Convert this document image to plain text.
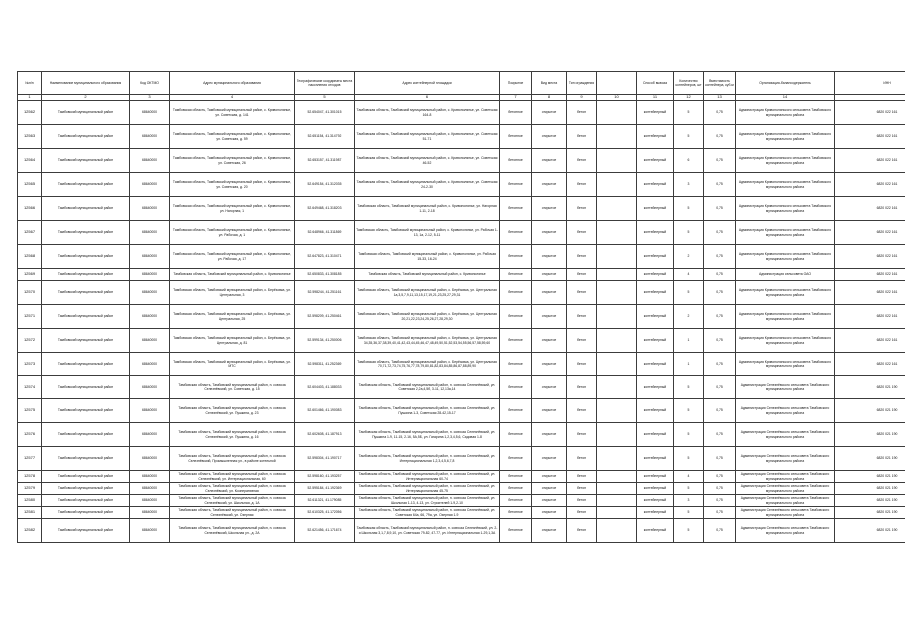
№п/п	Наименование муниципального образования	Код ОКТМО	Адрес муниципального образования	Географические координаты места накопления отходов	Адрес контейнерной площадки	Покрытие	Вид места	Тип ограждения		Способ вывоза	Количество контейнеров, шт	Вместимость контейнера, куб.м	Организация-балансодержатель	ИНН
1	2	3	4	5	6	7	8	9	10	11	12	13	14	
12562	Тамбовский муниципальный район	68640000	Тамбовская область, Тамбовский муниципальный район, с. Кривополянье, ул. Советская, д. 141	52.654047, 41.301015	Тамбовская область, Тамбовский муниципальный район, с. Кривополянье, ул. Советская 164-8	бетонное	открытое	бетон		контейнерный	5	0,75	Администрация Кривополянского сельсовета Тамбовского муниципального района	6820 022 161
12563	Тамбовский муниципальный район	68640000	Тамбовская область, Тамбовский муниципальный район, с. Кривополянье, ул. Советская, д. 59	52.651154, 41.314792	Тамбовская область, Тамбовский муниципальный район, с. Кривополянье, ул. Советская 51-71	бетонное	открытое	бетон		контейнерный	5	0,75	Администрация Кривополянского сельсовета Тамбовского муниципального района	6820 022 161
12564	Тамбовский муниципальный район	68640000	Тамбовская область, Тамбовский муниципальный район, с. Кривополянье, ул. Советская, 26	52.653157, 41.311987	Тамбовская область, Тамбовский муниципальный район, с. Кривополянье, ул. Советская 46-52	бетонное	открытое	бетон		контейнерный	6	0,75	Администрация Кривополянского сельсовета Тамбовского муниципального района	6820 022 161
12565	Тамбовский муниципальный район	68640000	Тамбовская область, Тамбовский муниципальный район, с. Кривополянье, ул. Советская, д. 20	52.649154, 41.312035	Тамбовская область, Тамбовский муниципальный район, с. Кривополянье, ул. Советская 24-2-30	бетонное	открытое	бетон		контейнерный	3	0,75	Администрация Кривополянского сельсовета Тамбовского муниципального района	6820 022 161
12566	Тамбовский муниципальный район	68640000	Тамбовская область, Тамбовский муниципальный район, с. Кривополянье, ул. Нагорная, 1	52.649468, 41.318203	Тамбовская область, Тамбовский муниципальный район, с. Кривополянье, ул. Нагорная 1-11, 2-18	бетонное	открытое	бетон		контейнерный	5	0,75	Администрация Кривополянского сельсовета Тамбовского муниципального района	6820 022 161
12567	Тамбовский муниципальный район	68640000	Тамбовская область, Тамбовский муниципальный район, с. Кривополянье, ул. Рабочая, д. 1	52.648966, 41.311869	Тамбовская область, Тамбовский муниципальный район, с. Кривополянье, ул. Рабочая 1-13, 1а, 2-12, 5-11	бетонное	открытое	бетон		контейнерный	5	0,75	Администрация Кривополянского сельсовета Тамбовского муниципального района	6820 022 161
12568	Тамбовский муниципальный район	68640000	Тамбовская область, Тамбовский муниципальный район, с. Кривополянье, ул. Рабочая, д. 17	52.647823, 41.310471	Тамбовская область, Тамбовский муниципальный район, с. Кривополянье, ул. Рабочая 15-33, 16-24	бетонное	открытое	бетон		контейнерный	2	0,75	Администрация Кривополянского сельсовета Тамбовского муниципального района	6820 022 161
12569	Тамбовский муниципальный район	68640000	Тамбовская область, Тамбовский муниципальный район, с. Кривополянье	52.650833, 41.308185	Тамбовская область, Тамбовский муниципальный район, с. Кривополянье	бетонное	открытое	бетон		контейнерный	4	0,75	Администрация сельсовета ОАО	6820 022 161
12570	Тамбовский муниципальный район	68640000	Тамбовская область, Тамбовский муниципальный район, с. Берёзовка, ул. Центральная, 3	52.598244, 41.251161	Тамбовская область, Тамбовский муниципальный район, с. Берёзовка, ул. Центральная 1а,3,5,7,9,11,13,15,17,19,21,23,25,27,29,31	бетонное	открытое	бетон		контейнерный	5	0,75	Администрация Кривополянского сельсовета Тамбовского муниципального района	6820 022 161
12571	Тамбовский муниципальный район	68640000	Тамбовская область, Тамбовский муниципальный район, с. Берёзовка, ул. Центральная, 25	52.598209, 41.250461	Тамбовская область, Тамбовский муниципальный район, с. Берёзовка, ул. Центральная 20,21,22,23,24,25,26,27,28,29,30	бетонное	открытое	бетон		контейнерный	2	0,75	Администрация Кривополянского сельсовета Тамбовского муниципального района	6820 022 161
12572	Тамбовский муниципальный район	68640000	Тамбовская область, Тамбовский муниципальный район, с. Берёзовка, ул. Центральная, д. 81	52.599134, 41.250006	Тамбовская область, Тамбовский муниципальный район, с. Берёзовка, ул. Центральная 34,35,36,37,38,39,40,41,42,43,44,45,46,47,48,49,50,51,52,53,54,55,56,57,58,59,60	бетонное	открытое	бетон		контейнерный	1	0,75	Администрация Кривополянского сельсовета Тамбовского муниципального района	6820 022 161
12573	Тамбовский муниципальный район	68640000	Тамбовская область, Тамбовский муниципальный район, с. Берёзовка, ул. МТС	52.598311, 41.252369	Тамбовская область, Тамбовский муниципальный район, с. Берёзовка, ул. Центральная 70,71,72,73,74,75,76,77,78,79,80,81,82,83,84,85,86,87,88,89,90	бетонное	открытое	бетон		контейнерный	1	0,75	Администрация Кривополянского сельсовета Тамбовского муниципального района	6820 022 161
12574	Тамбовский муниципальный район	68640000	Тамбовская область, Тамбовский муниципальный район, п. совхоза Селезнёвский, ул. Советская, д. 15	52.604403, 41.188033	Тамбовская область, Тамбовский муниципальный район, п. совхоза Селезнёвский, ул. Советская 2,2а,4,5б, 3-11, 12,13а,14	бетонное	открытое	бетон		контейнерный	5	0,75	Администрация Селезнёвского сельсовета Тамбовского муниципального района	6820 021 190
12575	Тамбовский муниципальный район	68640000	Тамбовская область, Тамбовский муниципальный район, п. совхоза Селезнёвский, ул. Пушкина, д. 23	52.601466, 41.190083	Тамбовская область, Тамбовский муниципальный район, п. совхоза Селезнёвский, ул. Пушкина 1-3, Советская 28-42,15-17	бетонное	открытое	бетон		контейнерный	5	0,75	Администрация Селезнёвского сельсовета Тамбовского муниципального района	6820 021 190
12576	Тамбовский муниципальный район	68640000	Тамбовская область, Тамбовский муниципальный район, п. совхоза Селезнёвский, ул. Пушкина, д. 16	52.602608, 41.187913	Тамбовская область, Тамбовский муниципальный район, п. совхоза Селезнёвский, ул. Пушкина 1-9, 11-15, 2-16, 5А,5Б, ул. Гагарина 1,2,3,4,5,6, Садовая 1-8	бетонное	открытое	бетон		контейнерный	5	0,75	Администрация Селезнёвского сельсовета Тамбовского муниципального района	6820 021 190
12577	Тамбовский муниципальный район	68640000	Тамбовская область, Тамбовский муниципальный район, п. совхоза Селезнёвский, Промышленная ул., в районе котельной	52.598304, 41.190717	Тамбовская область, Тамбовский муниципальный район, п. совхоза Селезнёвский, ул. Интернациональная 1,2,3,4,5,6,7,8	бетонное	открытое	бетон		контейнерный	5	0,75	Администрация Селезнёвского сельсовета Тамбовского муниципального района	6820 021 190
12578	Тамбовский муниципальный район	68640000	Тамбовская область, Тамбовский муниципальный район, п. совхоза Селезнёвский, ул. Интернациональная, 60	52.598160, 41.193257	Тамбовская область, Тамбовский муниципальный район, п. совхоза Селезнёвский, ул. Интернациональная 60-74	бетонное	открытое	бетон		контейнерный	4	0,75	Администрация Селезнёвского сельсовета Тамбовского муниципального района	6820 021 190
12579	Тамбовский муниципальный район	68640000	Тамбовская область, Тамбовский муниципальный район, п. совхоза Селезнёвский, ул. Кооперативная	52.595184, 41.192369	Тамбовская область, Тамбовский муниципальный район, п. совхоза Селезнёвский, ул. Интернациональная 45-75	бетонное	открытое	бетон		контейнерный	5	0,75	Администрация Селезнёвского сельсовета Тамбовского муниципального района	6820 021 190
12580	Тамбовский муниципальный район	68640000	Тамбовская область, Тамбовский муниципальный район, п. совхоза Селезнёвский, ул. Школьная, д. 1А	52.611321, 41.179085	Тамбовская область, Тамбовский муниципальный район, п. совхоза Селезнёвский, ул. Школьная 1-13, 4-13, ул. Строителей 1-9,2-10	бетонное	открытое	бетон		контейнерный	3	0,75	Администрация Селезнёвского сельсовета Тамбовского муниципального района	6820 021 190
12581	Тамбовский муниципальный район	68640000	Тамбовская область, Тамбовский муниципальный район, п. совхоза Селезнёвский, ул. Озерная	52.610325, 41.172056	Тамбовская область, Тамбовский муниципальный район, п. совхоза Селезнёвский, ул. Советская 64а, 66, 79а, ул. Озерная 1-9	бетонное	открытое	бетон		контейнерный	5	0,75	Администрация Селезнёвского сельсовета Тамбовского муниципального района	6820 021 190
12582	Тамбовский муниципальный район	68640000	Тамбовская область, Тамбовский муниципальный район, п. совхоза Селезнёвский, Школьная ул., д. 2А	52.621456, 41.171674	Тамбовская область, Тамбовский муниципальный район, п. совхоза Селезнёвский, ул. 2-я Школьная 3,1,7,8,9,10, ул. Советская 79-82, 47-77, ул. Интернациональная 1-29,1,3А	бетонное	открытое	бетон		контейнерный	5	0,75	Администрация Селезнёвского сельсовета Тамбовского муниципального района	6820 021 190
